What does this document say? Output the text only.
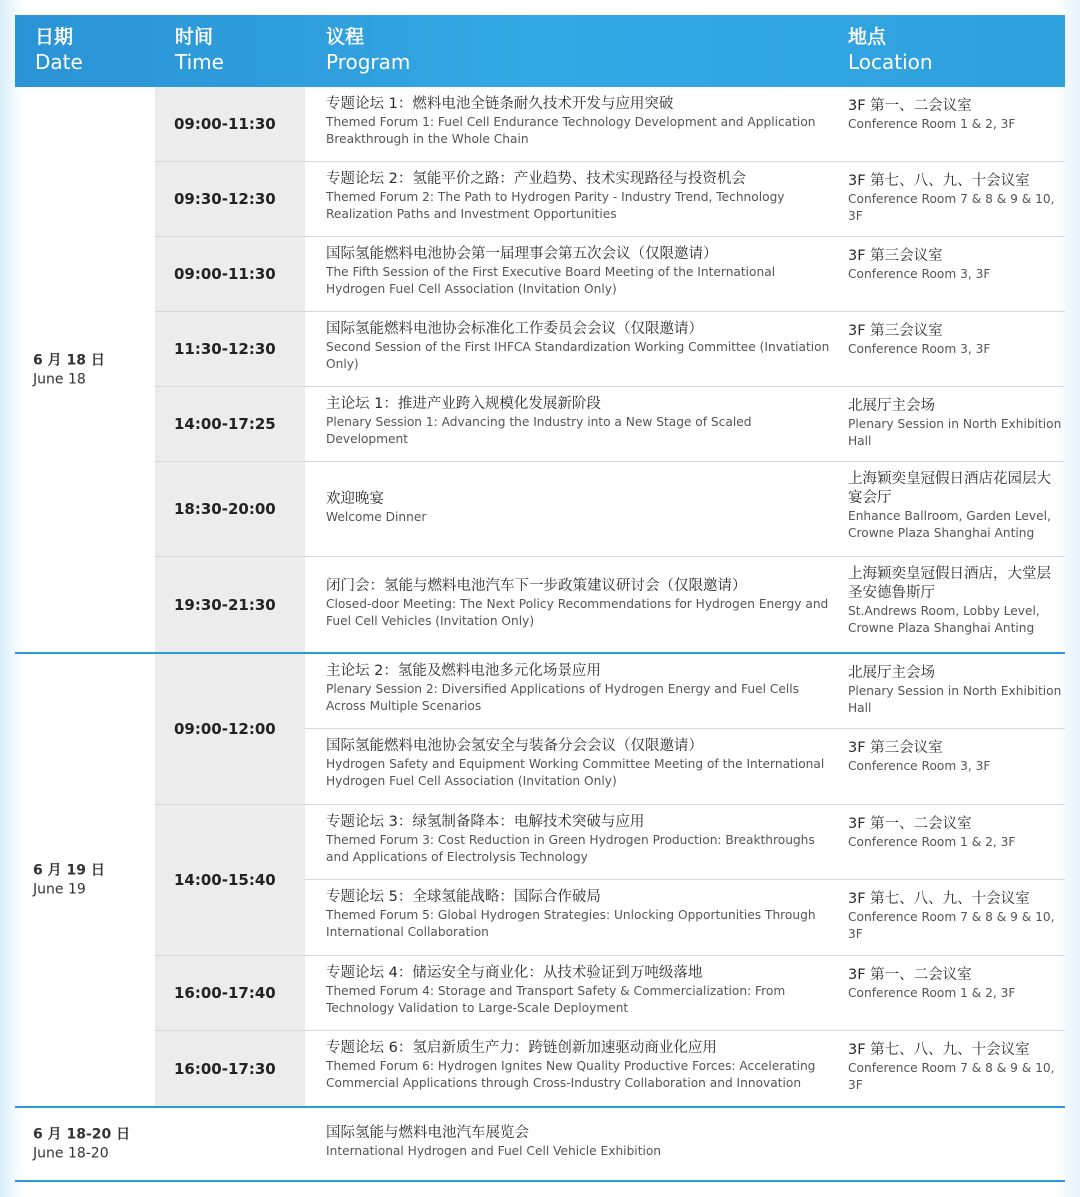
日期
Date
时间
Time
议程
Program
地点
Location
6 月 18 日
June 18
09:00-11:30
专题论坛 1：燃料电池全链条耐久技术开发与应用突破
Themed Forum 1: Fuel Cell Endurance Technology Development and Application Breakthrough in the Whole Chain
3F 第一、二会议室
Conference Room 1 & 2, 3F
09:30-12:30
专题论坛 2：氢能平价之路：产业趋势、技术实现路径与投资机会
Themed Forum 2: The Path to Hydrogen Parity - Industry Trend, Technology Realization Paths and Investment Opportunities
3F 第七、八、九、十会议室
Conference Room 7 & 8 & 9 & 10, 3F
09:00-11:30
国际氢能燃料电池协会第一届理事会第五次会议（仅限邀请）
The Fifth Session of the First Executive Board Meeting of the International Hydrogen Fuel Cell Association (Invitation Only)
3F 第三会议室
Conference Room 3, 3F
11:30-12:30
国际氢能燃料电池协会标准化工作委员会会议（仅限邀请）
Second Session of the First IHFCA Standardization Working Committee (Invatiation Only)
3F 第三会议室
Conference Room 3, 3F
14:00-17:25
主论坛 1：推进产业跨入规模化发展新阶段
Plenary Session 1: Advancing the Industry into a New Stage of Scaled Development
北展厅主会场
Plenary Session in North Exhibition Hall
18:30-20:00
欢迎晚宴
Welcome Dinner
上海颖奕皇冠假日酒店花园层大宴会厅
Enhance Ballroom, Garden Level, Crowne Plaza Shanghai Anting
19:30-21:30
闭门会：氢能与燃料电池汽车下一步政策建议研讨会（仅限邀请）
Closed-door Meeting: The Next Policy Recommendations for Hydrogen Energy and Fuel Cell Vehicles (Invitation Only)
上海颖奕皇冠假日酒店，大堂层圣安德鲁斯厅
St.Andrews Room, Lobby Level, Crowne Plaza Shanghai Anting
6 月 19 日
June 19
09:00-12:00
主论坛 2：氢能及燃料电池多元化场景应用
Plenary Session 2: Diversified Applications of Hydrogen Energy and Fuel Cells Across Multiple Scenarios
北展厅主会场
Plenary Session in North Exhibition Hall
国际氢能燃料电池协会氢安全与装备分会会议（仅限邀请）
Hydrogen Safety and Equipment Working Committee Meeting of the International Hydrogen Fuel Cell Association (Invitation Only)
3F 第三会议室
Conference Room 3, 3F
14:00-15:40
专题论坛 3：绿氢制备降本：电解技术突破与应用
Themed Forum 3: Cost Reduction in Green Hydrogen Production: Breakthroughs and Applications of Electrolysis Technology
3F 第一、二会议室
Conference Room 1 & 2, 3F
专题论坛 5：全球氢能战略：国际合作破局
Themed Forum 5: Global Hydrogen Strategies: Unlocking Opportunities Through International Collaboration
3F 第七、八、九、十会议室
Conference Room 7 & 8 & 9 & 10, 3F
16:00-17:40
专题论坛 4：储运安全与商业化：从技术验证到万吨级落地
Themed Forum 4: Storage and Transport Safety & Commercialization: From Technology Validation to Large-Scale Deployment
3F 第一、二会议室
Conference Room 1 & 2, 3F
16:00-17:30
专题论坛 6：氢启新质生产力：跨链创新加速驱动商业化应用
Themed Forum 6: Hydrogen Ignites New Quality Productive Forces: Accelerating Commercial Applications through Cross-Industry Collaboration and Innovation
3F 第七、八、九、十会议室
Conference Room 7 & 8 & 9 & 10, 3F
6 月 18-20 日
June 18-20
国际氢能与燃料电池汽车展览会
International Hydrogen and Fuel Cell Vehicle Exhibition
